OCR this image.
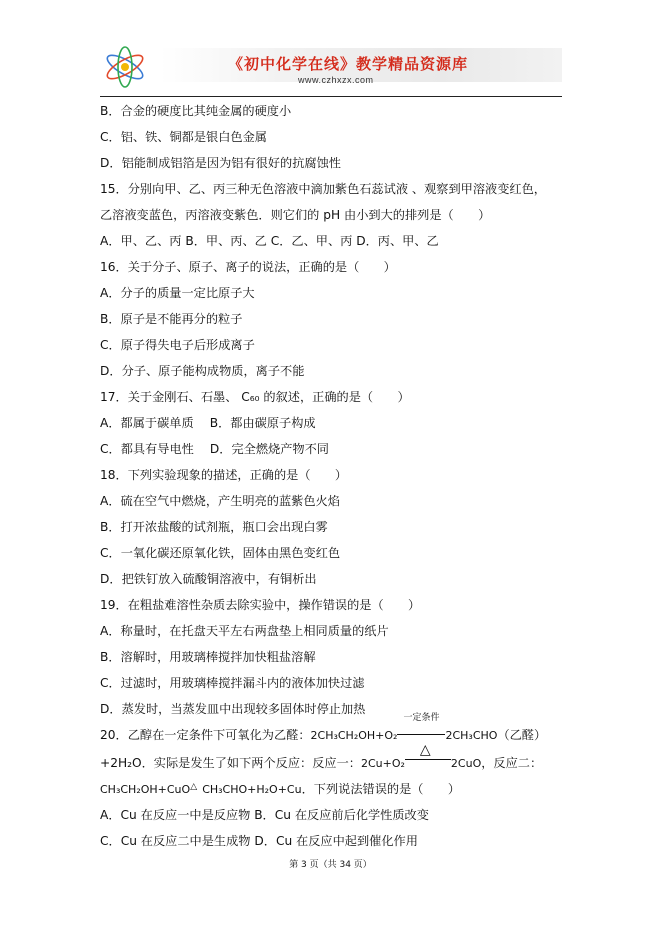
《初中化学在线》教学精品资源库
www.czhxzx.com
B．合金的硬度比其纯金属的硬度小
C．铝、铁、铜都是银白色金属
D．铝能制成铝箔是因为铝有很好的抗腐蚀性
15．分别向甲、乙、丙三种无色溶液中滴加紫色石蕊试液 、观察到甲溶液变红色，
乙溶液变蓝色，丙溶液变紫色．则它们的 pH 由小到大的排列是（　　）
A．甲、乙、丙 B．甲、丙、乙 C．乙、甲、丙 D．丙、甲、乙
16．关于分子、原子、离子的说法，正确的是（　　）
A．分子的质量一定比原子大
B．原子是不能再分的粒子
C．原子得失电子后形成离子
D．分子、原子能构成物质，离子不能
17．关于金刚石、石墨、 C₆₀ 的叙述，正确的是（　　）
A．都属于碳单质　 B．都由碳原子构成
C．都具有导电性　 D．完全燃烧产物不同
18．下列实验现象的描述，正确的是（　　）
A．硫在空气中燃烧，产生明亮的蓝紫色火焰
B．打开浓盐酸的试剂瓶，瓶口会出现白雾
C．一氧化碳还原氧化铁，固体由黑色变红色
D．把铁钉放入硫酸铜溶液中，有铜析出
19．在粗盐难溶性杂质去除实验中，操作错误的是（　　）
A．称量时，在托盘天平左右两盘垫上相同质量的纸片
B．溶解时，用玻璃棒搅拌加快粗盐溶解
C．过滤时，用玻璃棒搅拌漏斗内的液体加快过滤
D．蒸发时，当蒸发皿中出现较多固体时停止加热
20．乙醇在一定条件下可氧化为乙醛：2CH₃CH₂OH+O₂
一定条件
2CH₃CHO（乙醛）
+2H₂O．实际是发生了如下两个反应：反应一：2Cu+O₂
△
2CuO，反应二：
CH₃CH₂OH+CuO△ CH₃CHO+H₂O+Cu．下列说法错误的是（　　）
A．Cu 在反应一中是反应物 B．Cu 在反应前后化学性质改变
C．Cu 在反应二中是生成物 D．Cu 在反应中起到催化作用
第 3 页（共 34 页）
